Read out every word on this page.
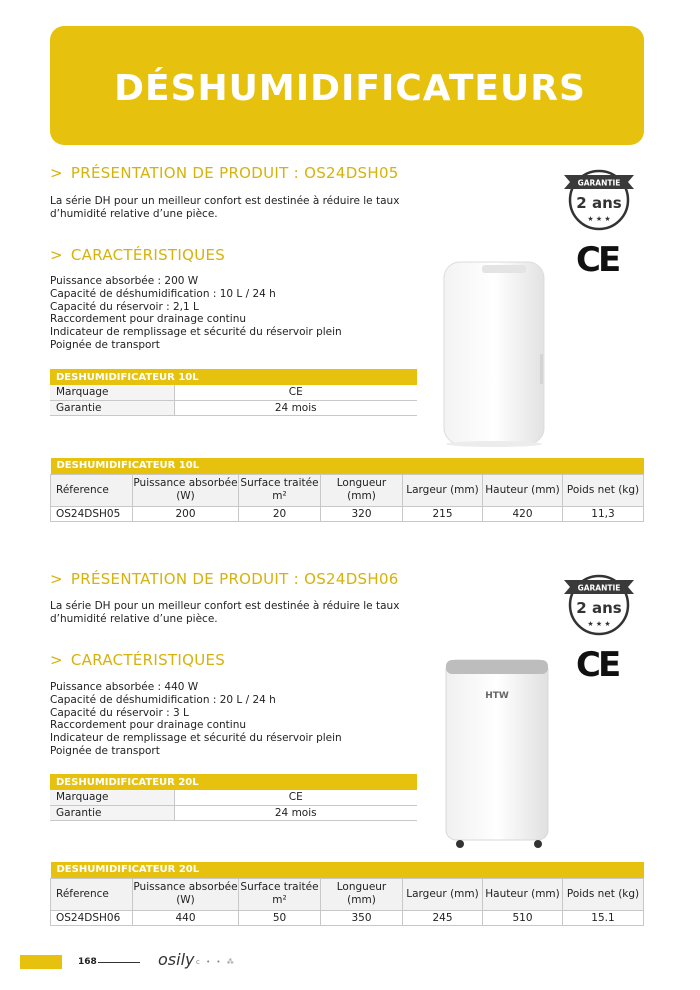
DÉSHUMIDIFICATEURS
> PRÉSENTATION DE PRODUIT : OS24DSH05

La série DH pour un meilleur confort est destinée à réduire le taux d’humidité relative d’une pièce.

> CARACTÉRISTIQUES
Puissance absorbée : 200 W
Capacité de déshumidification : 10 L / 24 h
Capacité du réservoir : 2,1 L
Raccordement pour drainage continu
Indicateur de remplissage et sécurité du réservoir plein
Poignée de transport
DESHUMIDIFICATEUR 10L	
Marquage	CE
Garantie	24 mois
DESHUMIDIFICATEUR 10L						
Réference	Puissance absorbée (W)	Surface traitée m²	Longueur (mm)	Largeur (mm)	Hauteur (mm)	Poids net (kg)
OS24DSH05	200	20	320	215	420	11,3
GARANTIE
2 ans
★ ★ ★
CE
> PRÉSENTATION DE PRODUIT : OS24DSH06

La série DH pour un meilleur confort est destinée à réduire le taux d’humidité relative d’une pièce.

> CARACTÉRISTIQUES
Puissance absorbée : 440 W
Capacité de déshumidification : 20 L / 24 h
Capacité du réservoir : 3 L
Raccordement pour drainage continu
Indicateur de remplissage et sécurité du réservoir plein
Poignée de transport
DESHUMIDIFICATEUR 20L	
Marquage	CE
Garantie	24 mois
DESHUMIDIFICATEUR 20L						
Réference	Puissance absorbée (W)	Surface traitée m²	Longueur (mm)	Largeur (mm)	Hauteur (mm)	Poids net (kg)
OS24DSH06	440	50	350	245	510	15.1
GARANTIE
2 ans
★ ★ ★
CE
HTW
168	osily c • • ⁂
